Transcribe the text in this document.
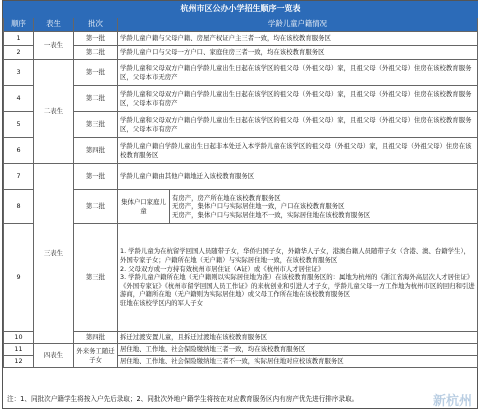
杭州市区公办小学招生顺序一览表				
顺序	表生	批次	学龄儿童户籍情况	
1	一表生	第一批	学龄儿童户籍与父母户籍、房屋产权证户主三者一致，均在该校教育服务区	
2		第二批	学龄儿童户口与父母一方户口、家庭住房三者一致，均在该校教育服务区	
3	二表生	第一批	学龄儿童和父母双方户籍自学龄儿童出生日起在该学区的祖父母（外祖父母）家，且祖父母（外祖父母）住房在该校教育服务区，父母本市无房产	
4		第二批	学龄儿童和父母双方户籍自学龄儿童出生日起在该学区的祖父母（外祖父母）家，且祖父母（外祖父母）住房在该校教育服务区，父母本市有房产	
5		第三批	学龄儿童和父母双方户籍自学龄儿童出生日起在该学区的祖父母（外祖父母）家，且祖父母（外祖父母）住房在该校教育服务区，父母本市有房产	
6		第四批	学龄儿童户籍自学龄儿童出生日起非本处迁入本学龄儿童在该学区的祖父母（外祖父母）家，且祖父母（外祖父母）住房在该校教育服务区	
7	三表生	第一批	学龄儿童户籍由其他户籍地迁入该校教育服务区	
8		第二批	集体户口家庭儿童	有房产，房产所在地在该校教育服务区
无房产，集体户口与实际居住地一致，户口在该校教育服务区
无房产，集体户口与实际居住地不一致，实际居住地在该校教育服务区

9		第三批	1. 学龄儿童为在杭留学回国人员随带子女，华侨归国子女，外籍华人子女，港澳台籍人员随带子女（含港、澳、台籍学生），外国专家子女；户籍所在地（无户籍）与实际居住地一致，在该校教育服务区
2. 父母双方或一方持有效杭州市居住证（A证）或《杭州市人才居住证》
3. 学龄儿童户籍所在地（无户籍则以实际居住地为准）在该校教育服务区的：属地为杭州的《浙江省海外高层次人才居住证》《外国专家证》《杭州市留学回国人员工作证》的来杭创业和引进人才子女，学龄儿童父母一方工作地为杭州市区的回归和引进游商，户籍所在地（无户籍则为实际居住地）或父母工作所在地在该校教育服务区
驻地在该校学区内的军人子女	

10		第四批	拆迁过渡安置儿童，且拆迁过渡地在该校教育服务区	
11	四表生	外来务工随迁子女	居住地、工作地、社会保险缴纳地三者一致，均在该校教育服务区	
12			居住地、工作地、社会保险缴纳地三者不一致，实际居住地对应校该教育服务区	
注：1、同批次户籍学生将按入户先后录取；2、同批次外地户籍学生将按在对应教育服务区内有房产优先进行排序录取。	新杭州
